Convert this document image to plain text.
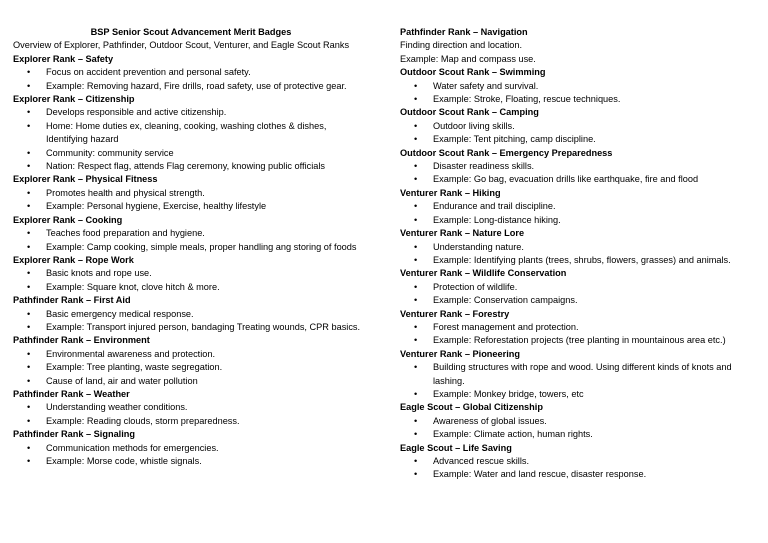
BSP Senior Scout Advancement Merit Badges
Overview of Explorer, Pathfinder, Outdoor Scout, Venturer, and Eagle Scout Ranks
Explorer Rank – Safety
• Focus on accident prevention and personal safety.
• Example: Removing hazard, Fire drills, road safety, use of protective gear.
Explorer Rank – Citizenship
• Develops responsible and active citizenship.
• Home: Home duties ex, cleaning, cooking, washing clothes & dishes, Identifying hazard
• Community: community service
• Nation: Respect flag, attends Flag ceremony, knowing public officials
Explorer Rank – Physical Fitness
• Promotes health and physical strength.
• Example: Personal hygiene, Exercise, healthy lifestyle
Explorer Rank – Cooking
• Teaches food preparation and hygiene.
• Example: Camp cooking, simple meals, proper handling ang storing of foods
Explorer Rank – Rope Work
• Basic knots and rope use.
• Example: Square knot, clove hitch & more.
Pathfinder Rank – First Aid
• Basic emergency medical response.
• Example: Transport injured person, bandaging Treating wounds, CPR basics.
Pathfinder Rank – Environment
• Environmental awareness and protection.
• Example: Tree planting, waste segregation.
• Cause of land, air and water pollution
Pathfinder Rank – Weather
• Understanding weather conditions.
• Example: Reading clouds, storm preparedness.
Pathfinder Rank – Signaling
• Communication methods for emergencies.
• Example: Morse code, whistle signals.
Pathfinder Rank – Navigation
Finding direction and location.
Example: Map and compass use.
Outdoor Scout Rank – Swimming
• Water safety and survival.
• Example: Stroke, Floating, rescue techniques.
Outdoor Scout Rank – Camping
• Outdoor living skills.
• Example: Tent pitching, camp discipline.
Outdoor Scout Rank – Emergency Preparedness
• Disaster readiness skills.
• Example: Go bag, evacuation drills like earthquake, fire and flood
Venturer Rank – Hiking
• Endurance and trail discipline.
• Example: Long-distance hiking.
Venturer Rank – Nature Lore
• Understanding nature.
• Example: Identifying plants (trees, shrubs, flowers, grasses) and animals.
Venturer Rank – Wildlife Conservation
• Protection of wildlife.
• Example: Conservation campaigns.
Venturer Rank – Forestry
• Forest management and protection.
• Example: Reforestation projects (tree planting in mountainous area etc.)
Venturer Rank – Pioneering
• Building structures with rope and wood. Using different kinds of knots and lashing.
• Example: Monkey bridge, towers, etc
Eagle Scout – Global Citizenship
• Awareness of global issues.
• Example: Climate action, human rights.
Eagle Scout – Life Saving
• Advanced rescue skills.
• Example: Water and land rescue, disaster response.
